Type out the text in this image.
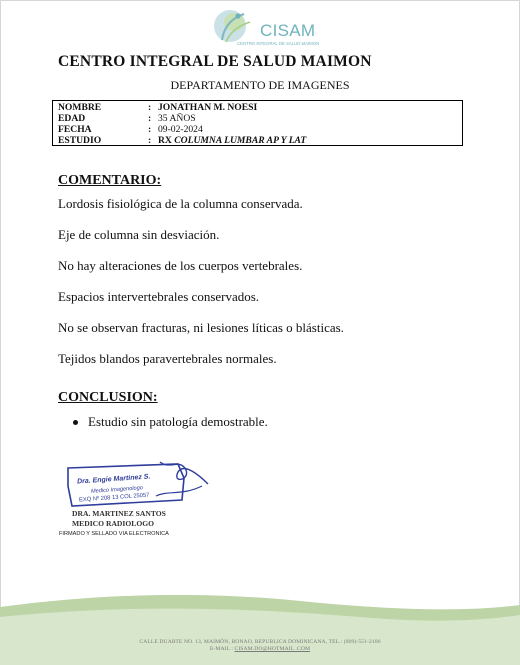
CISAM
CENTRO INTEGRAL DE SALUD MAIMON
CENTRO INTEGRAL DE SALUD MAIMON
DEPARTAMENTO DE IMAGENES
NOMBRE	: JONATHAN M. NOESI
EDAD	: 35 AÑOS
FECHA	: 09-02-2024
ESTUDIO	: RX COLUMNA LUMBAR AP Y LAT
COMENTARIO:
Lordosis fisiológica de la columna conservada.
Eje de columna sin desviación.
No hay alteraciones de los cuerpos vertebrales.
Espacios intervertebrales conservados.
No se observan fracturas, ni lesiones líticas o blásticas.
Tejidos blandos paravertebrales normales.
CONCLUSION:
Estudio sin patología demostrable.
Dra. Engie Martinez S.
Medico Imagenologo
EXQ Nº 208 13 COL 25057
DRA. MARTINEZ SANTOS
MEDICO RADIOLOGO
FIRMADO Y SELLADO VIA ELECTRONICA
CALLE DUARTE NO. 13, MAIMÓN, BONAO, REPUBLICA DOMINICANA, TEL.: (809)-551-2106
E-MAIL : CISAM.DO@HOTMAIL .COM
